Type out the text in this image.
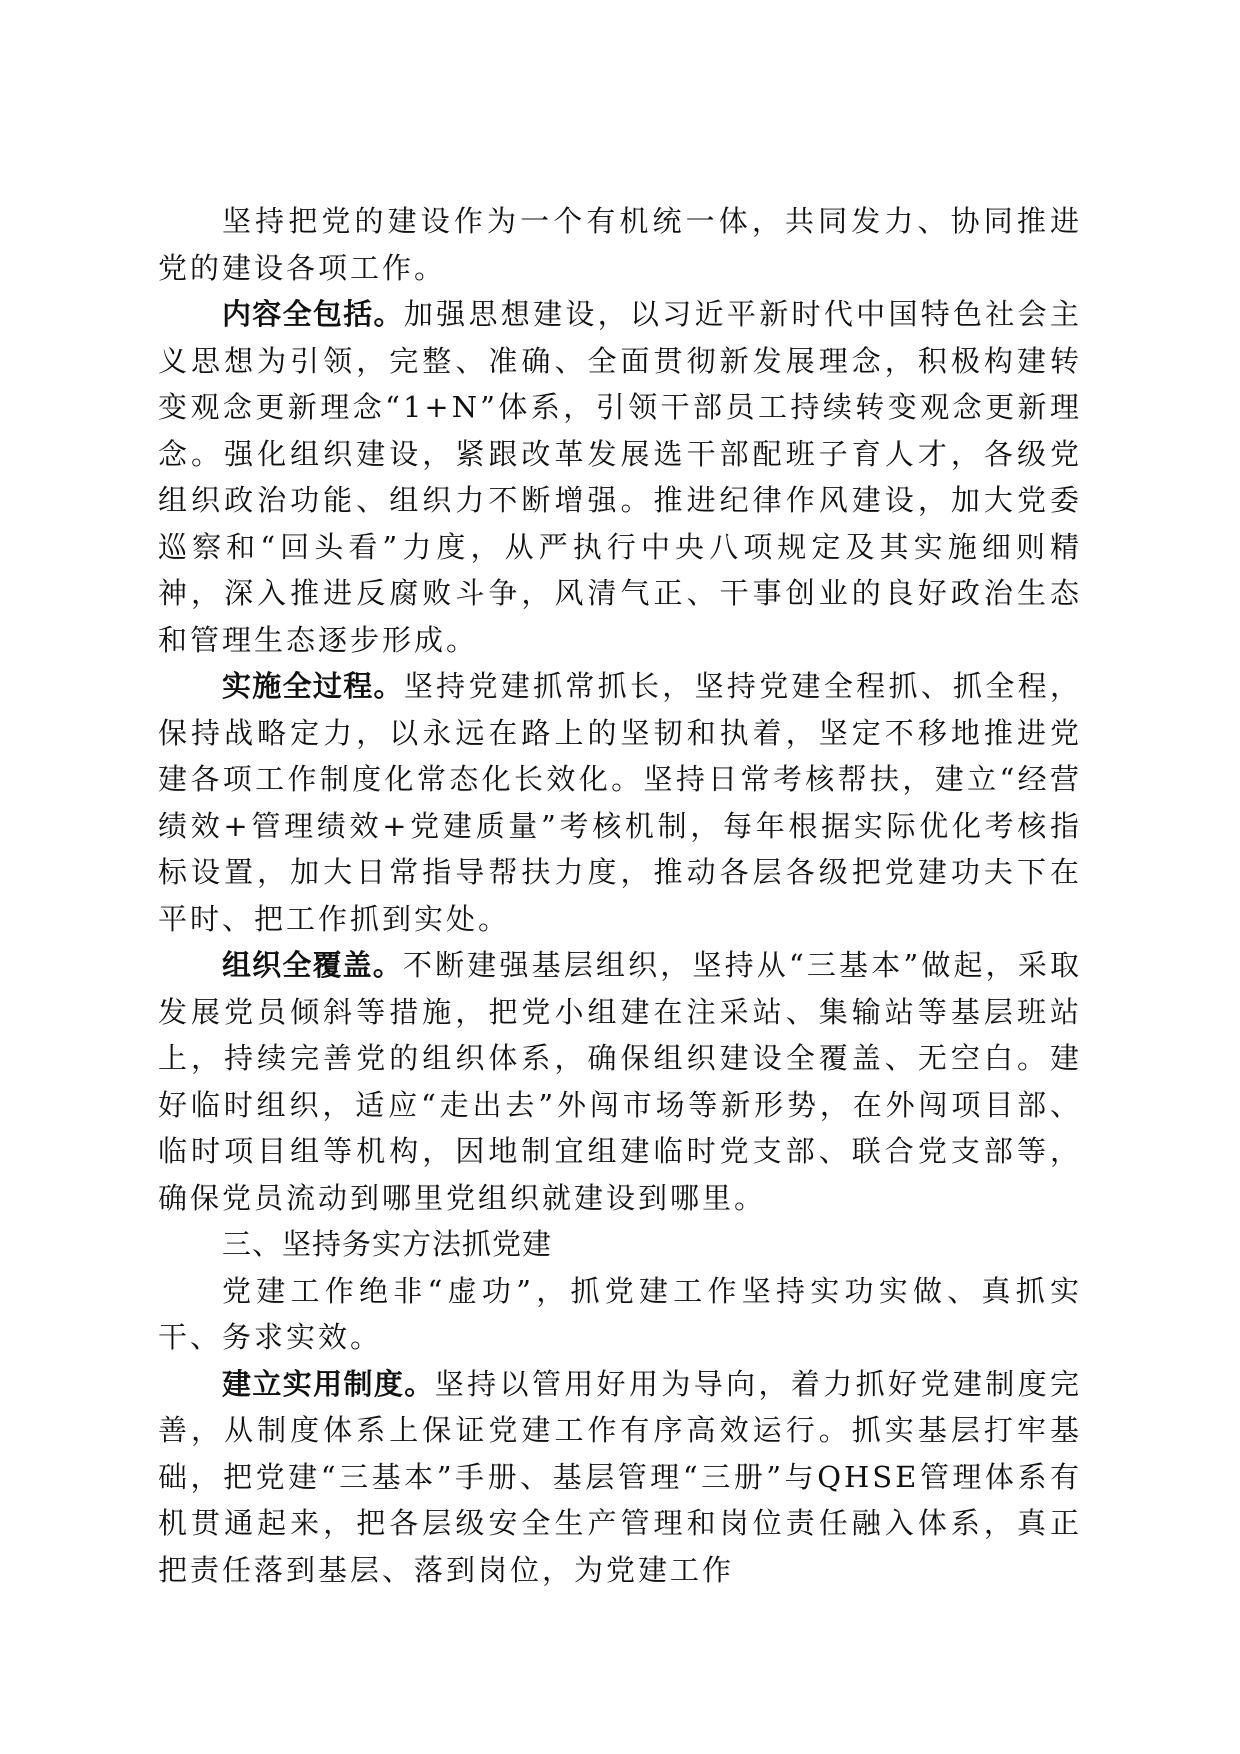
坚持把党的建设作为一个有机统一体，共同发力、协同推进党的建设各项工作。

内容全包括。加强思想建设，以习近平新时代中国特色社会主义思想为引领，完整、准确、全面贯彻新发展理念，积极构建转变观念更新理念“1+N”体系，引领干部员工持续转变观念更新理念。强化组织建设，紧跟改革发展选干部配班子育人才，各级党组织政治功能、组织力不断增强。推进纪律作风建设，加大党委巡察和“回头看”力度，从严执行中央八项规定及其实施细则精神，深入推进反腐败斗争，风清气正、干事创业的良好政治生态和管理生态逐步形成。

实施全过程。坚持党建抓常抓长，坚持党建全程抓、抓全程，保持战略定力，以永远在路上的坚韧和执着，坚定不移地推进党建各项工作制度化常态化长效化。坚持日常考核帮扶，建立“经营绩效+管理绩效+党建质量”考核机制，每年根据实际优化考核指标设置，加大日常指导帮扶力度，推动各层各级把党建功夫下在平时、把工作抓到实处。

组织全覆盖。不断建强基层组织，坚持从“三基本”做起，采取发展党员倾斜等措施，把党小组建在注采站、集输站等基层班站上，持续完善党的组织体系，确保组织建设全覆盖、无空白。建好临时组织，适应“走出去”外闯市场等新形势，在外闯项目部、临时项目组等机构，因地制宜组建临时党支部、联合党支部等，确保党员流动到哪里党组织就建设到哪里。

三、坚持务实方法抓党建

党建工作绝非“虚功”，抓党建工作坚持实功实做、真抓实干、务求实效。

建立实用制度。坚持以管用好用为导向，着力抓好党建制度完善，从制度体系上保证党建工作有序高效运行。抓实基层打牢基础，把党建“三基本”手册、基层管理“三册”与QHSE管理体系有机贯通起来，把各层级安全生产管理和岗位责任融入体系，真正把责任落到基层、落到岗位，为党建工作
